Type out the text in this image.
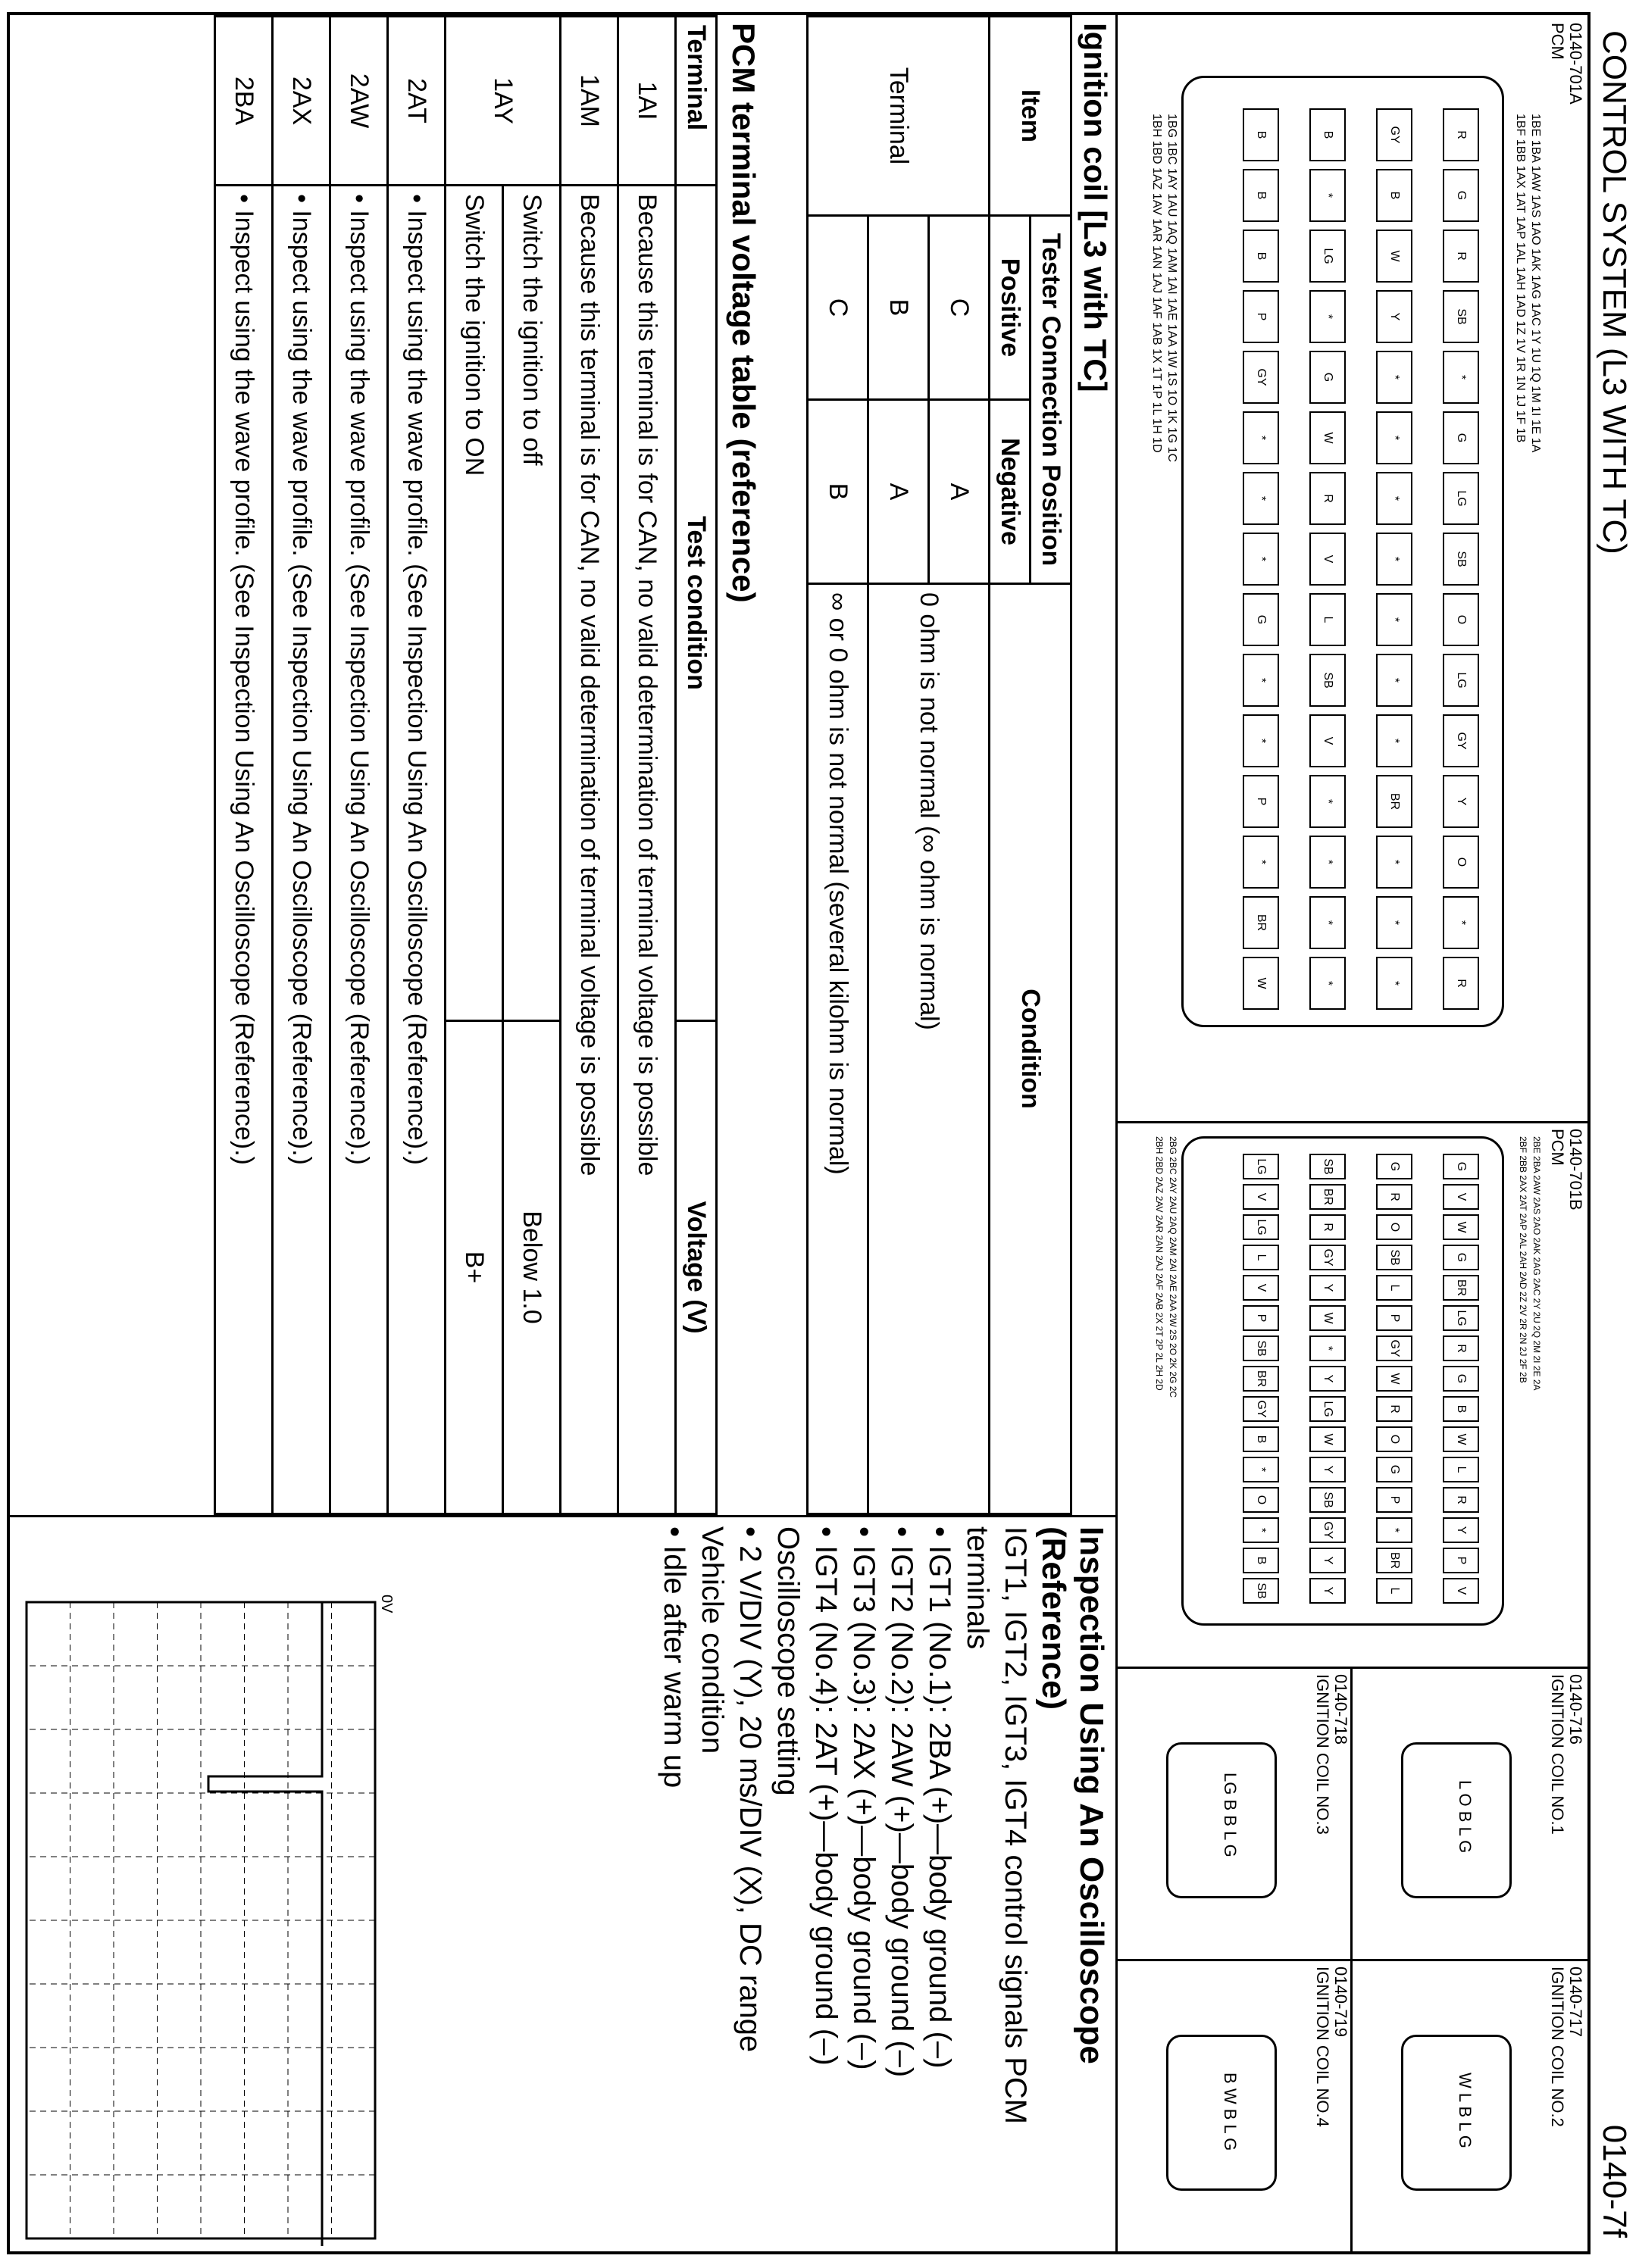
CONTROL SYSTEM (L3 WITH TC)
0140-7f
0140-701A
PCM
1BE 1BA 1AW 1AS 1AO 1AK 1AG 1AC 1Y 1U 1Q 1M 1I 1E 1A
1BF 1BB 1AX 1AT 1AP 1AL 1AH 1AD 1Z 1V 1R 1N 1J 1F 1B
1BG 1BC 1AY 1AU 1AQ 1AM 1AI 1AE 1AA 1W 1S 1O 1K 1G 1C
1BH 1BD 1AZ 1AV 1AR 1AN 1AJ 1AF 1AB 1X 1T 1P 1L 1H 1D	R
G
R
SB
*
G
LG
SB
O
LG
GY
Y
O
*
R
GY
B
W
Y
*
*
*
*
*
*
*
BR
*
*
*
B
*
LG
*
G
W
R
V
L
SB
V
*
*
*
*
B
B
B
P
GY
*
*
*
G
*
*
P
*
BR
W
0140-701B
PCM
G
V
W
G
BR
LG
R
G
B
W
L
R
Y
P
V
G
R
O
SB
L
P
GY
W
R
O
G
P
*
BR
L
SB
BR
R
GY
Y
W
*
Y
LG
W
Y
SB
GY
Y
Y
LG
V
LG
L
V
P
SB
BR
GY
B
*
O
*
B
SB
2BE 2BA 2AW 2AS 2AO 2AK 2AG 2AC 2Y 2U 2Q 2M 2I 2E 2A
2BF 2BB 2AX 2AT 2AP 2AL 2AH 2AD 2Z 2V 2R 2N 2J 2F 2B
2BG 2BC 2AY 2AU 2AQ 2AM 2AI 2AE 2AA 2W 2S 2O 2K 2G 2C
2BH 2BD 2AZ 2AV 2AR 2AN 2AJ 2AF 2AB 2X 2T 2P 2L 2H 2D
0140-716
IGNITION COIL NO.1
L O B L G
0140-717
IGNITION COIL NO.2
W L B L G
0140-718
IGNITION COIL NO.3
LG B B L G
0140-719
IGNITION COIL NO.4
B W B L G
Ignition coil [L3 with TC]
Item	Tester Connection Position		Condition
	Positive	Negative	
Terminal	C	A	0 ohm is not normal (∞ ohm is normal)
	B	A	
	C	B	∞ or 0 ohm is not normal (several kilohm is normal)
PCM terminal voltage table (reference)
Terminal	Test condition	Voltage (V)
1AI	Because this terminal is for CAN, no valid determination of terminal voltage is possible	
1AM	Because this terminal is for CAN, no valid determination of terminal voltage is possible	
1AY	Switch the ignition to off	Below 1.0
	Switch the ignition to ON	B+
2AT	• Inspect using the wave profile. (See Inspection Using An Oscilloscope (Reference).)	
2AW	• Inspect using the wave profile. (See Inspection Using An Oscilloscope (Reference).)	
2AX	• Inspect using the wave profile. (See Inspection Using An Oscilloscope (Reference).)	
2BA	• Inspect using the wave profile. (See Inspection Using An Oscilloscope (Reference).)	
Inspection Using An Oscilloscope (Reference)
IGT1, IGT2, IGT3, IGT4 control signals PCM terminals
• IGT1 (No.1): 2BA (+)—body ground (–)
• IGT2 (No.2): 2AW (+)—body ground (–)
• IGT3 (No.3): 2AX (+)—body ground (–)
• IGT4 (No.4): 2AT (+)—body ground (–)
Oscilloscope setting
• 2 V/DIV (Y), 20 ms/DIV (X), DC range
Vehicle condition
• Idle after warm up
0V
